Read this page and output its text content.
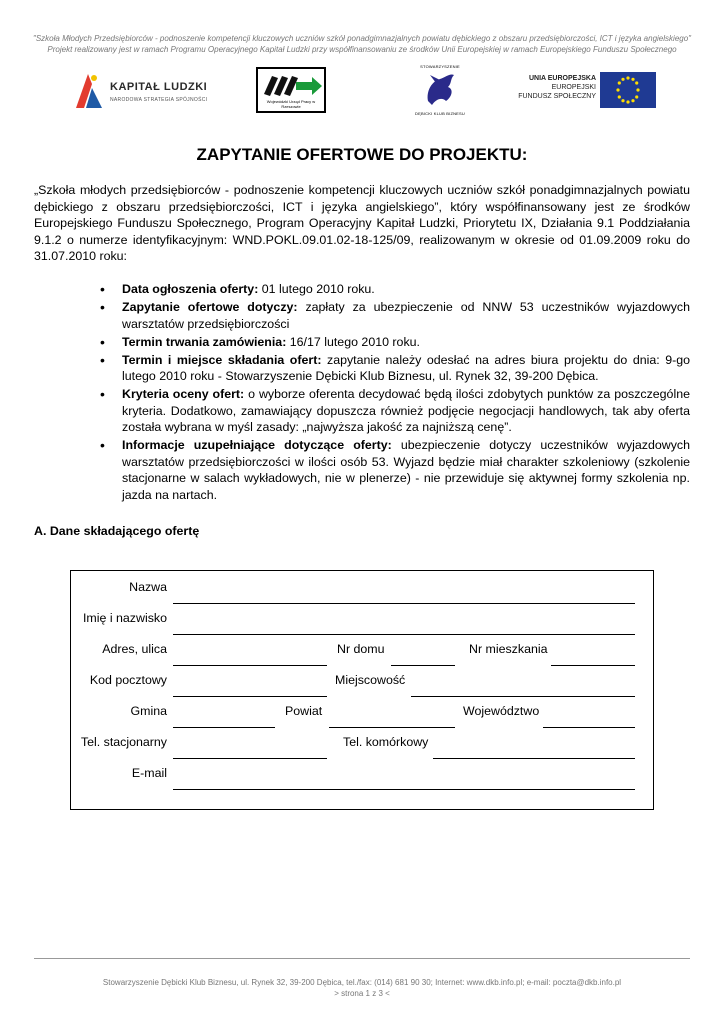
"Szkoła Młodych Przedsiębiorców - podnoszenie kompetencji kluczowych uczniów szkół ponadgimnazjalnych powiatu dębickiego z obszaru przedsiębiorczości, ICT i języka angielskiego"
Projekt realizowany jest w ramach Programu Operacyjnego Kapitał Ludzki przy współfinansowaniu ze środków Unii Europejskiej w ramach Europejskiego Funduszu Społecznego
KAPITAŁ LUDZKI
NARODOWA STRATEGIA SPÓJNOŚCI	Wojewódzki Urząd Pracy w Rzeszowie
STOWARZYSZENIE
DĘBICKI KLUB BIZNESU
UNIA EUROPEJSKA
EUROPEJSKI
FUNDUSZ SPOŁECZNY
ZAPYTANIE OFERTOWE DO PROJEKTU:
„Szkoła młodych przedsiębiorców - podnoszenie kompetencji kluczowych uczniów szkół ponadgimnazjalnych powiatu dębickiego z obszaru przedsiębiorczości, ICT i języka angielskiego”, który współfinansowany jest ze środków Europejskiego Funduszu Społecznego, Program Operacyjny Kapitał Ludzki, Priorytetu IX, Działania 9.1 Poddziałania 9.1.2 o numerze identyfikacyjnym: WND.POKL.09.01.02-18-125/09, realizowanym w okresie od 01.09.2009 roku do 31.07.2010 roku:
• Data ogłoszenia oferty: 01 lutego 2010 roku.
• Zapytanie ofertowe dotyczy: zapłaty za ubezpieczenie od NNW 53 uczestników wyjazdowych warsztatów przedsiębiorczości
• Termin trwania zamówienia: 16/17 lutego 2010 roku.
• Termin i miejsce składania ofert: zapytanie należy odesłać na adres biura projektu do dnia: 9-go lutego 2010 roku - Stowarzyszenie Dębicki Klub Biznesu, ul. Rynek 32, 39-200 Dębica.
• Kryteria oceny ofert: o wyborze oferenta decydować będą ilości zdobytych punktów za poszczególne kryteria. Dodatkowo, zamawiający dopuszcza również podjęcie negocjacji handlowych, tak aby oferta została wybrana w myśl zasady: „najwyższa jakość za najniższą cenę”.
• Informacje uzupełniające dotyczące oferty: ubezpieczenie dotyczy uczestników wyjazdowych warsztatów przedsiębiorczości w ilości osób 53. Wyjazd będzie miał charakter szkoleniowy (szkolenie stacjonarne w salach wykładowych, nie w plenerze) - nie przewiduje się aktywnej formy szkolenia np. jazda na nartach.
A. Dane składającego ofertę
Nazwa
Imię i nazwisko
Adres, ulica	Nr domu	Nr mieszkania
Kod pocztowy	Miejscowość
Gmina	Powiat	Województwo
Tel. stacjonarny	Tel. komórkowy
E-mail
Stowarzyszenie Dębicki Klub Biznesu, ul. Rynek 32, 39-200 Dębica, tel./fax: (014) 681 90 30; Internet: www.dkb.info.pl; e-mail: poczta@dkb.info.pl
> strona 1 z 3 <
